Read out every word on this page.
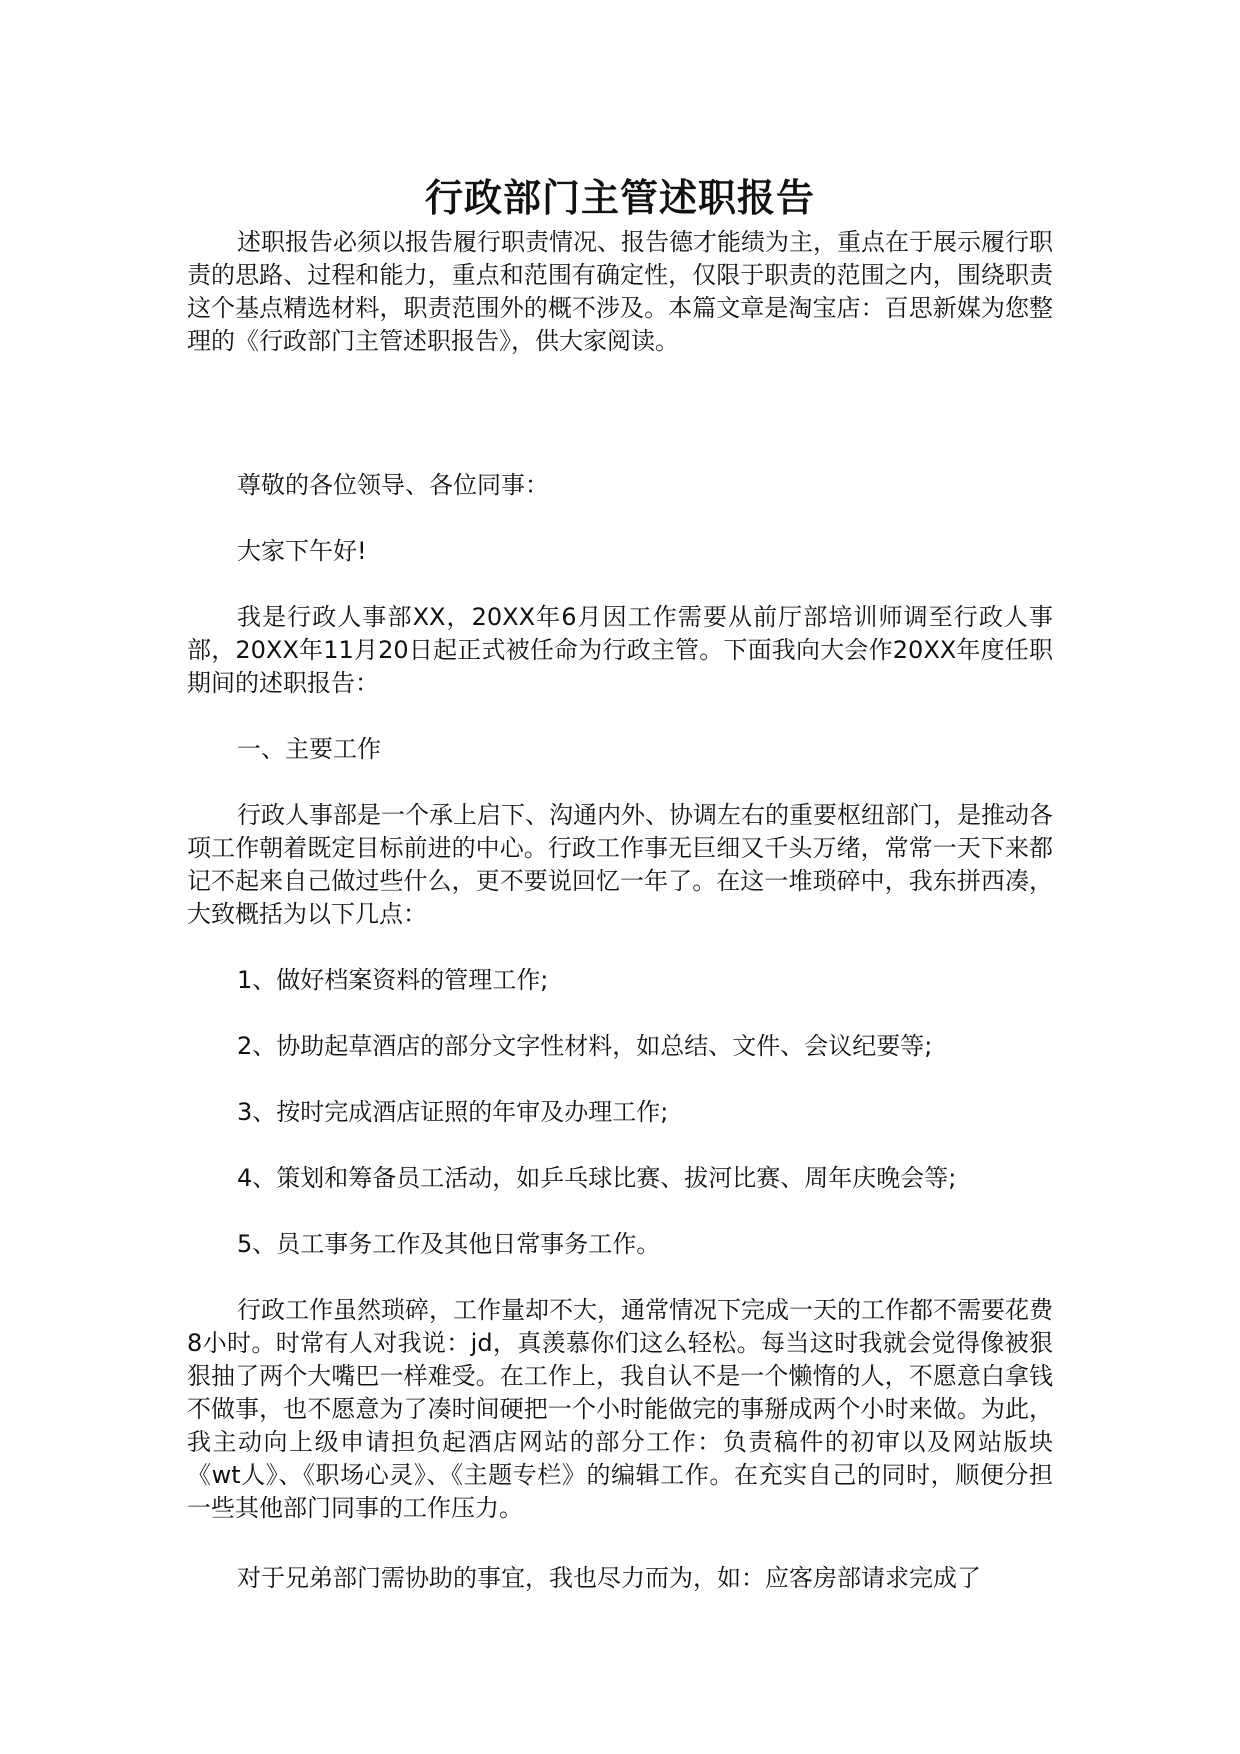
行政部门主管述职报告

述职报告必须以报告履行职责情况、报告德才能绩为主，重点在于展示履行职责的思路、过程和能力，重点和范围有确定性，仅限于职责的范围之内，围绕职责这个基点精选材料，职责范围外的概不涉及。本篇文章是淘宝店：百思新媒为您整理的《行政部门主管述职报告》，供大家阅读。

尊敬的各位领导、各位同事：

大家下午好!

我是行政人事部XX，20XX年6月因工作需要从前厅部培训师调至行政人事部，20XX年11月20日起正式被任命为行政主管。下面我向大会作20XX年度任职期间的述职报告：

一、主要工作

行政人事部是一个承上启下、沟通内外、协调左右的重要枢纽部门，是推动各项工作朝着既定目标前进的中心。行政工作事无巨细又千头万绪，常常一天下来都记不起来自己做过些什么，更不要说回忆一年了。在这一堆琐碎中，我东拼西凑，大致概括为以下几点：

1、做好档案资料的管理工作;

2、协助起草酒店的部分文字性材料，如总结、文件、会议纪要等;

3、按时完成酒店证照的年审及办理工作;

4、策划和筹备员工活动，如乒乓球比赛、拔河比赛、周年庆晚会等;

5、员工事务工作及其他日常事务工作。

行政工作虽然琐碎，工作量却不大，通常情况下完成一天的工作都不需要花费8小时。时常有人对我说：jd，真羡慕你们这么轻松。每当这时我就会觉得像被狠狠抽了两个大嘴巴一样难受。在工作上，我自认不是一个懒惰的人，不愿意白拿钱不做事，也不愿意为了凑时间硬把一个小时能做完的事掰成两个小时来做。为此，我主动向上级申请担负起酒店网站的部分工作：负责稿件的初审以及网站版块《wt人》、《职场心灵》、《主题专栏》的编辑工作。在充实自己的同时，顺便分担一些其他部门同事的工作压力。

对于兄弟部门需协助的事宜，我也尽力而为，如：应客房部请求完成了
